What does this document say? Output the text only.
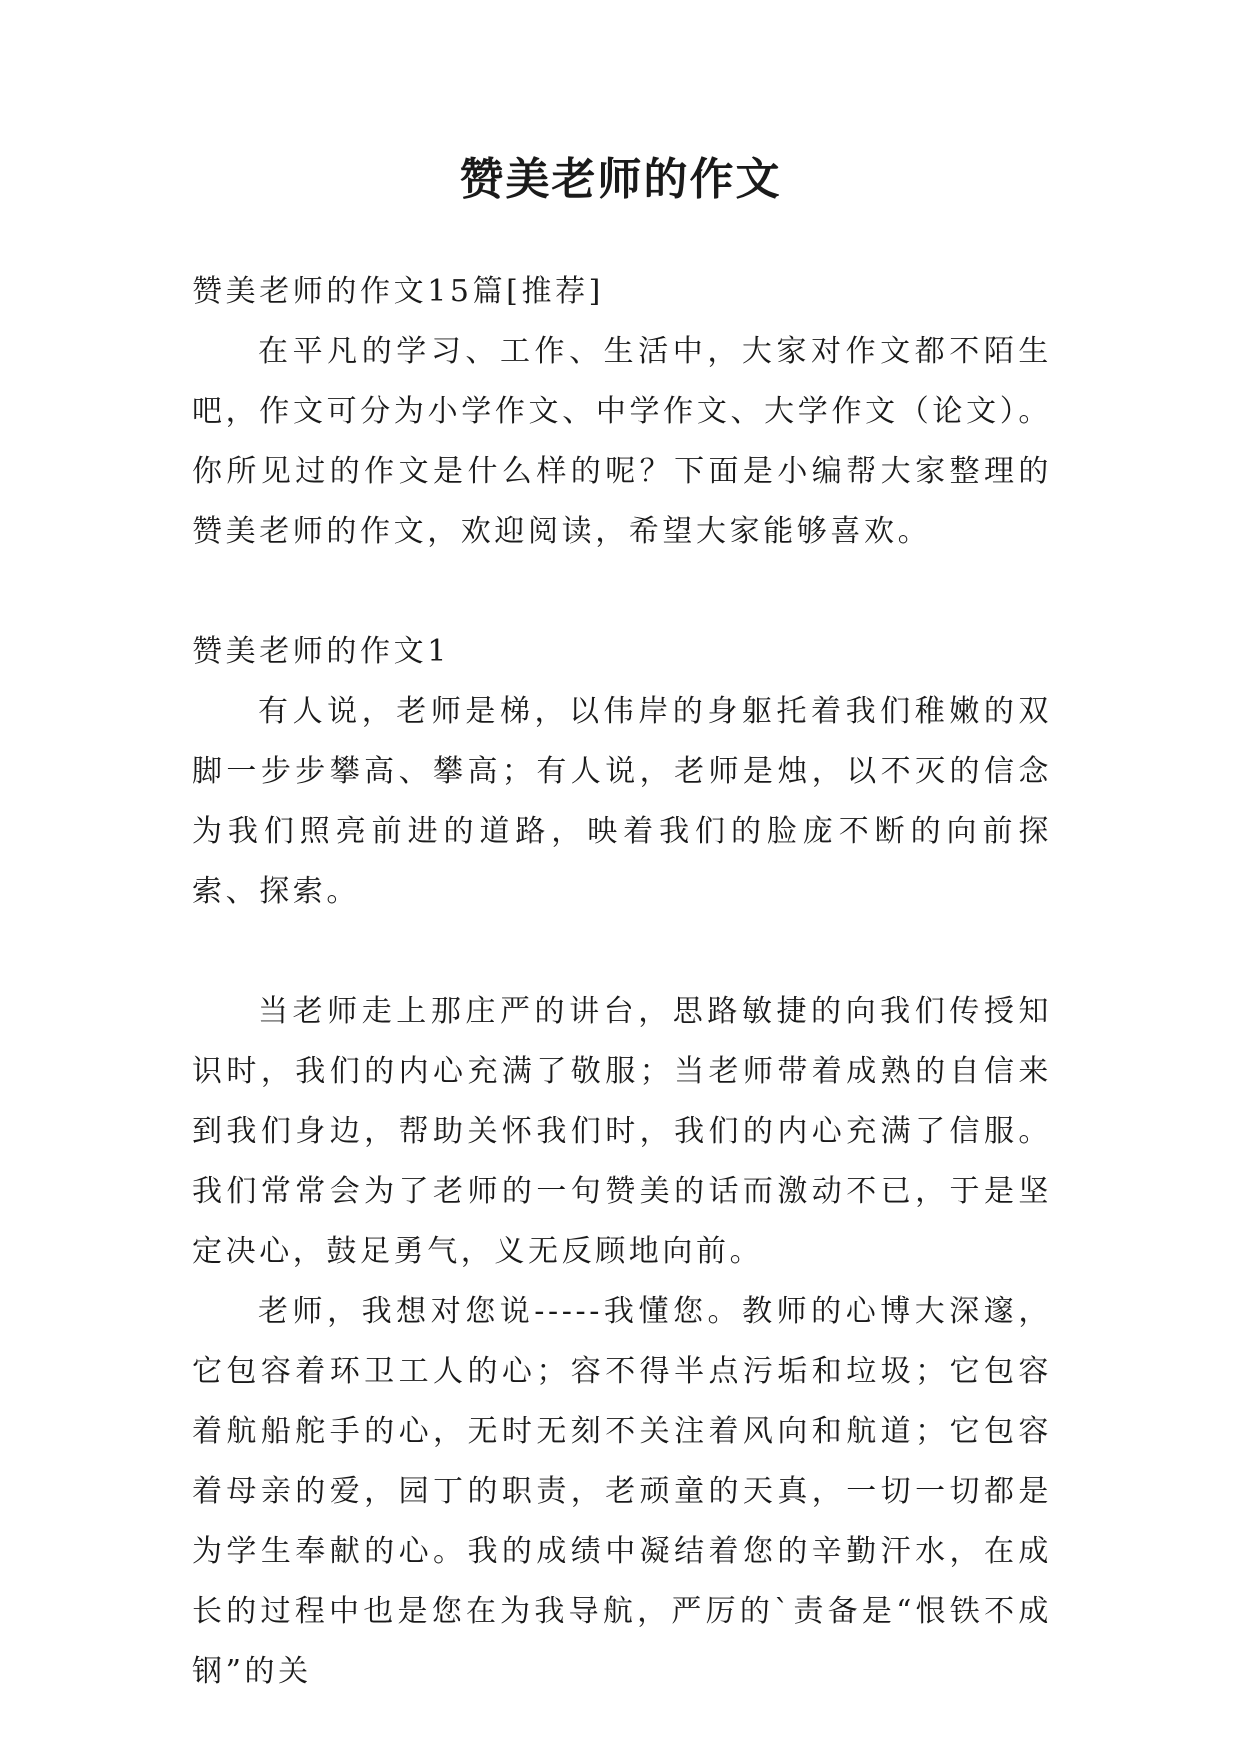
赞美老师的作文

赞美老师的作文15篇[推荐]

在平凡的学习、工作、生活中，大家对作文都不陌生吧，作文可分为小学作文、中学作文、大学作文（论文）。你所见过的作文是什么样的呢？下面是小编帮大家整理的赞美老师的作文，欢迎阅读，希望大家能够喜欢。

赞美老师的作文1

有人说，老师是梯，以伟岸的身躯托着我们稚嫩的双脚一步步攀高、攀高；有人说，老师是烛，以不灭的信念为我们照亮前进的道路，映着我们的脸庞不断的向前探索、探索。

当老师走上那庄严的讲台，思路敏捷的向我们传授知识时，我们的内心充满了敬服；当老师带着成熟的自信来到我们身边，帮助关怀我们时，我们的内心充满了信服。我们常常会为了老师的一句赞美的话而激动不已，于是坚定决心，鼓足勇气，义无反顾地向前。

老师，我想对您说-----我懂您。教师的心博大深邃，它包容着环卫工人的心；容不得半点污垢和垃圾；它包容着航船舵手的心，无时无刻不关注着风向和航道；它包容着母亲的爱，园丁的职责，老顽童的天真，一切一切都是为学生奉献的心。我的成绩中凝结着您的辛勤汗水，在成长的过程中也是您在为我导航，严厉的`责备是“恨铁不成钢”的关
